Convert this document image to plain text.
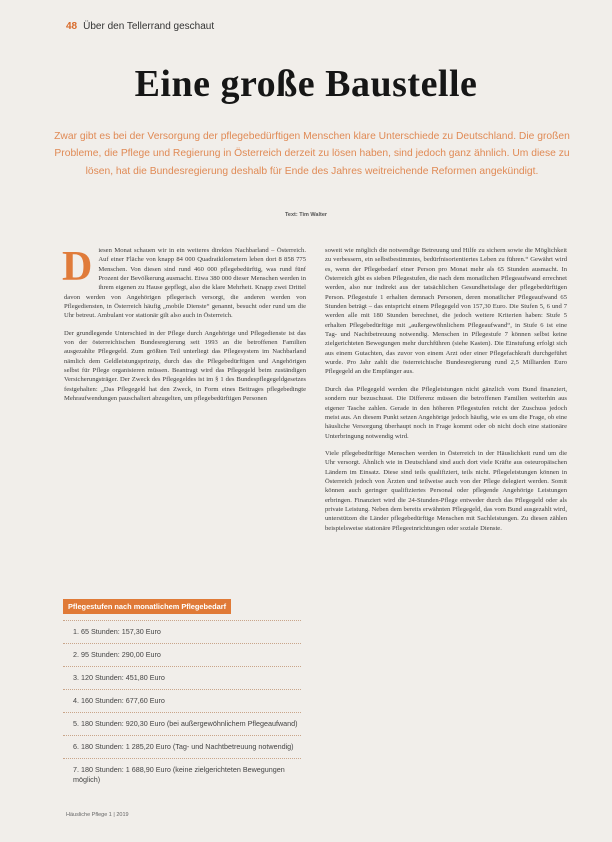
48 Über den Tellerrand geschaut
Eine große Baustelle
Zwar gibt es bei der Versorgung der pflegebedürftigen Menschen klare Unterschiede zu Deutschland. Die großen Probleme, die Pflege und Regierung in Österreich derzeit zu lösen haben, sind jedoch ganz ähnlich. Um diese zu lösen, hat die Bundesregierung deshalb für Ende des Jahres weitreichende Reformen angekündigt.
Text: Tim Walter

Diesen Monat schauen wir in ein weiteres direktes Nachbarland – Österreich. Auf einer Fläche von knapp 84 000 Quadratkilometern leben dort 8 858 775 Menschen. Von diesen sind rund 460 000 pflegebedürftig, was rund fünf Prozent der Bevölkerung ausmacht. Etwa 380 000 dieser Menschen werden in ihrem eigenen zu Hause gepflegt, also die klare Mehrheit. Knapp zwei Drittel davon werden von Angehörigen pflegerisch versorgt, die anderen werden von Pflegediensten, in Österreich häufig „mobile Dienste“ genannt, besucht oder rund um die Uhr betreut. Ambulant vor stationär gilt also auch in Österreich.

Der grundlegende Unterschied in der Pflege durch Angehörige und Pflegedienste ist das von der österreichischen Bundesregierung seit 1993 an die betroffenen Familien ausgezahlte Pflegegeld. Zum größten Teil unterliegt das Pflegesystem im Nachbarland nämlich dem Geldleistungsprinzip, durch das die Pflegebedürftigen und Angehörigen selbst für Pflege organisieren müssen. Beantragt wird das Pflegegeld beim zuständigen Versicherungsträger. Der Zweck des Pflegegeldes ist im § 1 des Bundespflegegeldgesetzes festgehalten: „Das Pflegegeld hat den Zweck, in Form eines Beitrages pflegebedingte Mehraufwendungen pauschaliert abzugelten, um pflegebedürftigen Personen

soweit wie möglich die notwendige Betreuung und Hilfe zu sichern sowie die Möglichkeit zu verbessern, ein selbstbestimmtes, bedürfnisorientiertes Leben zu führen.“ Gewährt wird es, wenn der Pflegebedarf einer Person pro Monat mehr als 65 Stunden ausmacht. In Österreich gibt es sieben Pflegestufen, die nach dem monatlichen Pflegeaufwand errechnet werden, also nur indirekt aus der tatsächlichen Gesundheitslage der pflegebedürftigen Person. Pflegestufe 1 erhalten demnach Personen, deren monatlicher Pflegeaufwand 65 Stunden beträgt – das entspricht einem Pflegegeld von 157,30 Euro. Die Stufen 5, 6 und 7 werden alle mit 180 Stunden berechnet, die jedoch weitere Kriterien haben: Stufe 5 erhalten Pflegebedürftige mit „außergewöhnlichem Pflegeaufwand“, in Stufe 6 ist eine Tag- und Nachtbetreuung notwendig. Menschen in Pflegestufe 7 können selbst keine zielgerichteten Bewegungen mehr durchführen (siehe Kasten). Die Einstufung erfolgt sich aus einem Gutachten, das zuvor von einem Arzt oder einer Pflegefachkraft durchgeführt wurde. Pro Jahr zahlt die österreichische Bundesregierung rund 2,5 Milliarden Euro Pflegegeld an die Empfänger aus.

Durch das Pflegegeld werden die Pflegleistungen nicht gänzlich vom Bund finanziert, sondern nur bezuschusst. Die Differenz müssen die betroffenen Familien weiterhin aus eigener Tasche zahlen. Gerade in den höheren Pflegestufen reicht der Zuschuss jedoch meist aus. An diesem Punkt setzen Angehörige jedoch häufig, wie es um die Frage, ob eine häusliche Versorgung überhaupt noch in Frage kommt oder ob nicht doch eine stationäre Unterbringung notwendig wird.

Viele pflegebedürftige Menschen werden in Österreich in der Häuslichkeit rund um die Uhr versorgt. Ähnlich wie in Deutschland sind auch dort viele Kräfte aus osteuropäischen Ländern im Einsatz. Diese sind teils qualifiziert, teils nicht. Pflegeleistungen können in Österreich jedoch von Ärzten und teilweise auch von der Pflege delegiert werden. Somit können auch geringer qualifiziertes Personal oder pflegende Angehörige Leistungen erbringen. Finanziert wird die 24-Stunden-Pflege entweder durch das Pflegegeld oder als private Leistung. Neben dem bereits erwähnten Pflegegeld, das vom Bund ausgezahlt wird, unterstützen die Länder pflegebedürftige Menschen mit Sachleistungen. Zu diesen zählen beispielsweise stationäre Pflegeeinrichtungen oder soziale Dienste.

Pflegestufen nach monatlichem Pflegebedarf
1. 65 Stunden: 157,30 Euro
2. 95 Stunden: 290,00 Euro
3. 120 Stunden: 451,80 Euro
4. 160 Stunden: 677,60 Euro
5. 180 Stunden: 920,30 Euro (bei außergewöhnlichem Pflegeaufwand)
6. 180 Stunden: 1 285,20 Euro (Tag- und Nachtbetreuung notwendig)
7. 180 Stunden: 1 688,90 Euro (keine zielgerichteten Bewegungen möglich)
Häusliche Pflege 1 | 2019
